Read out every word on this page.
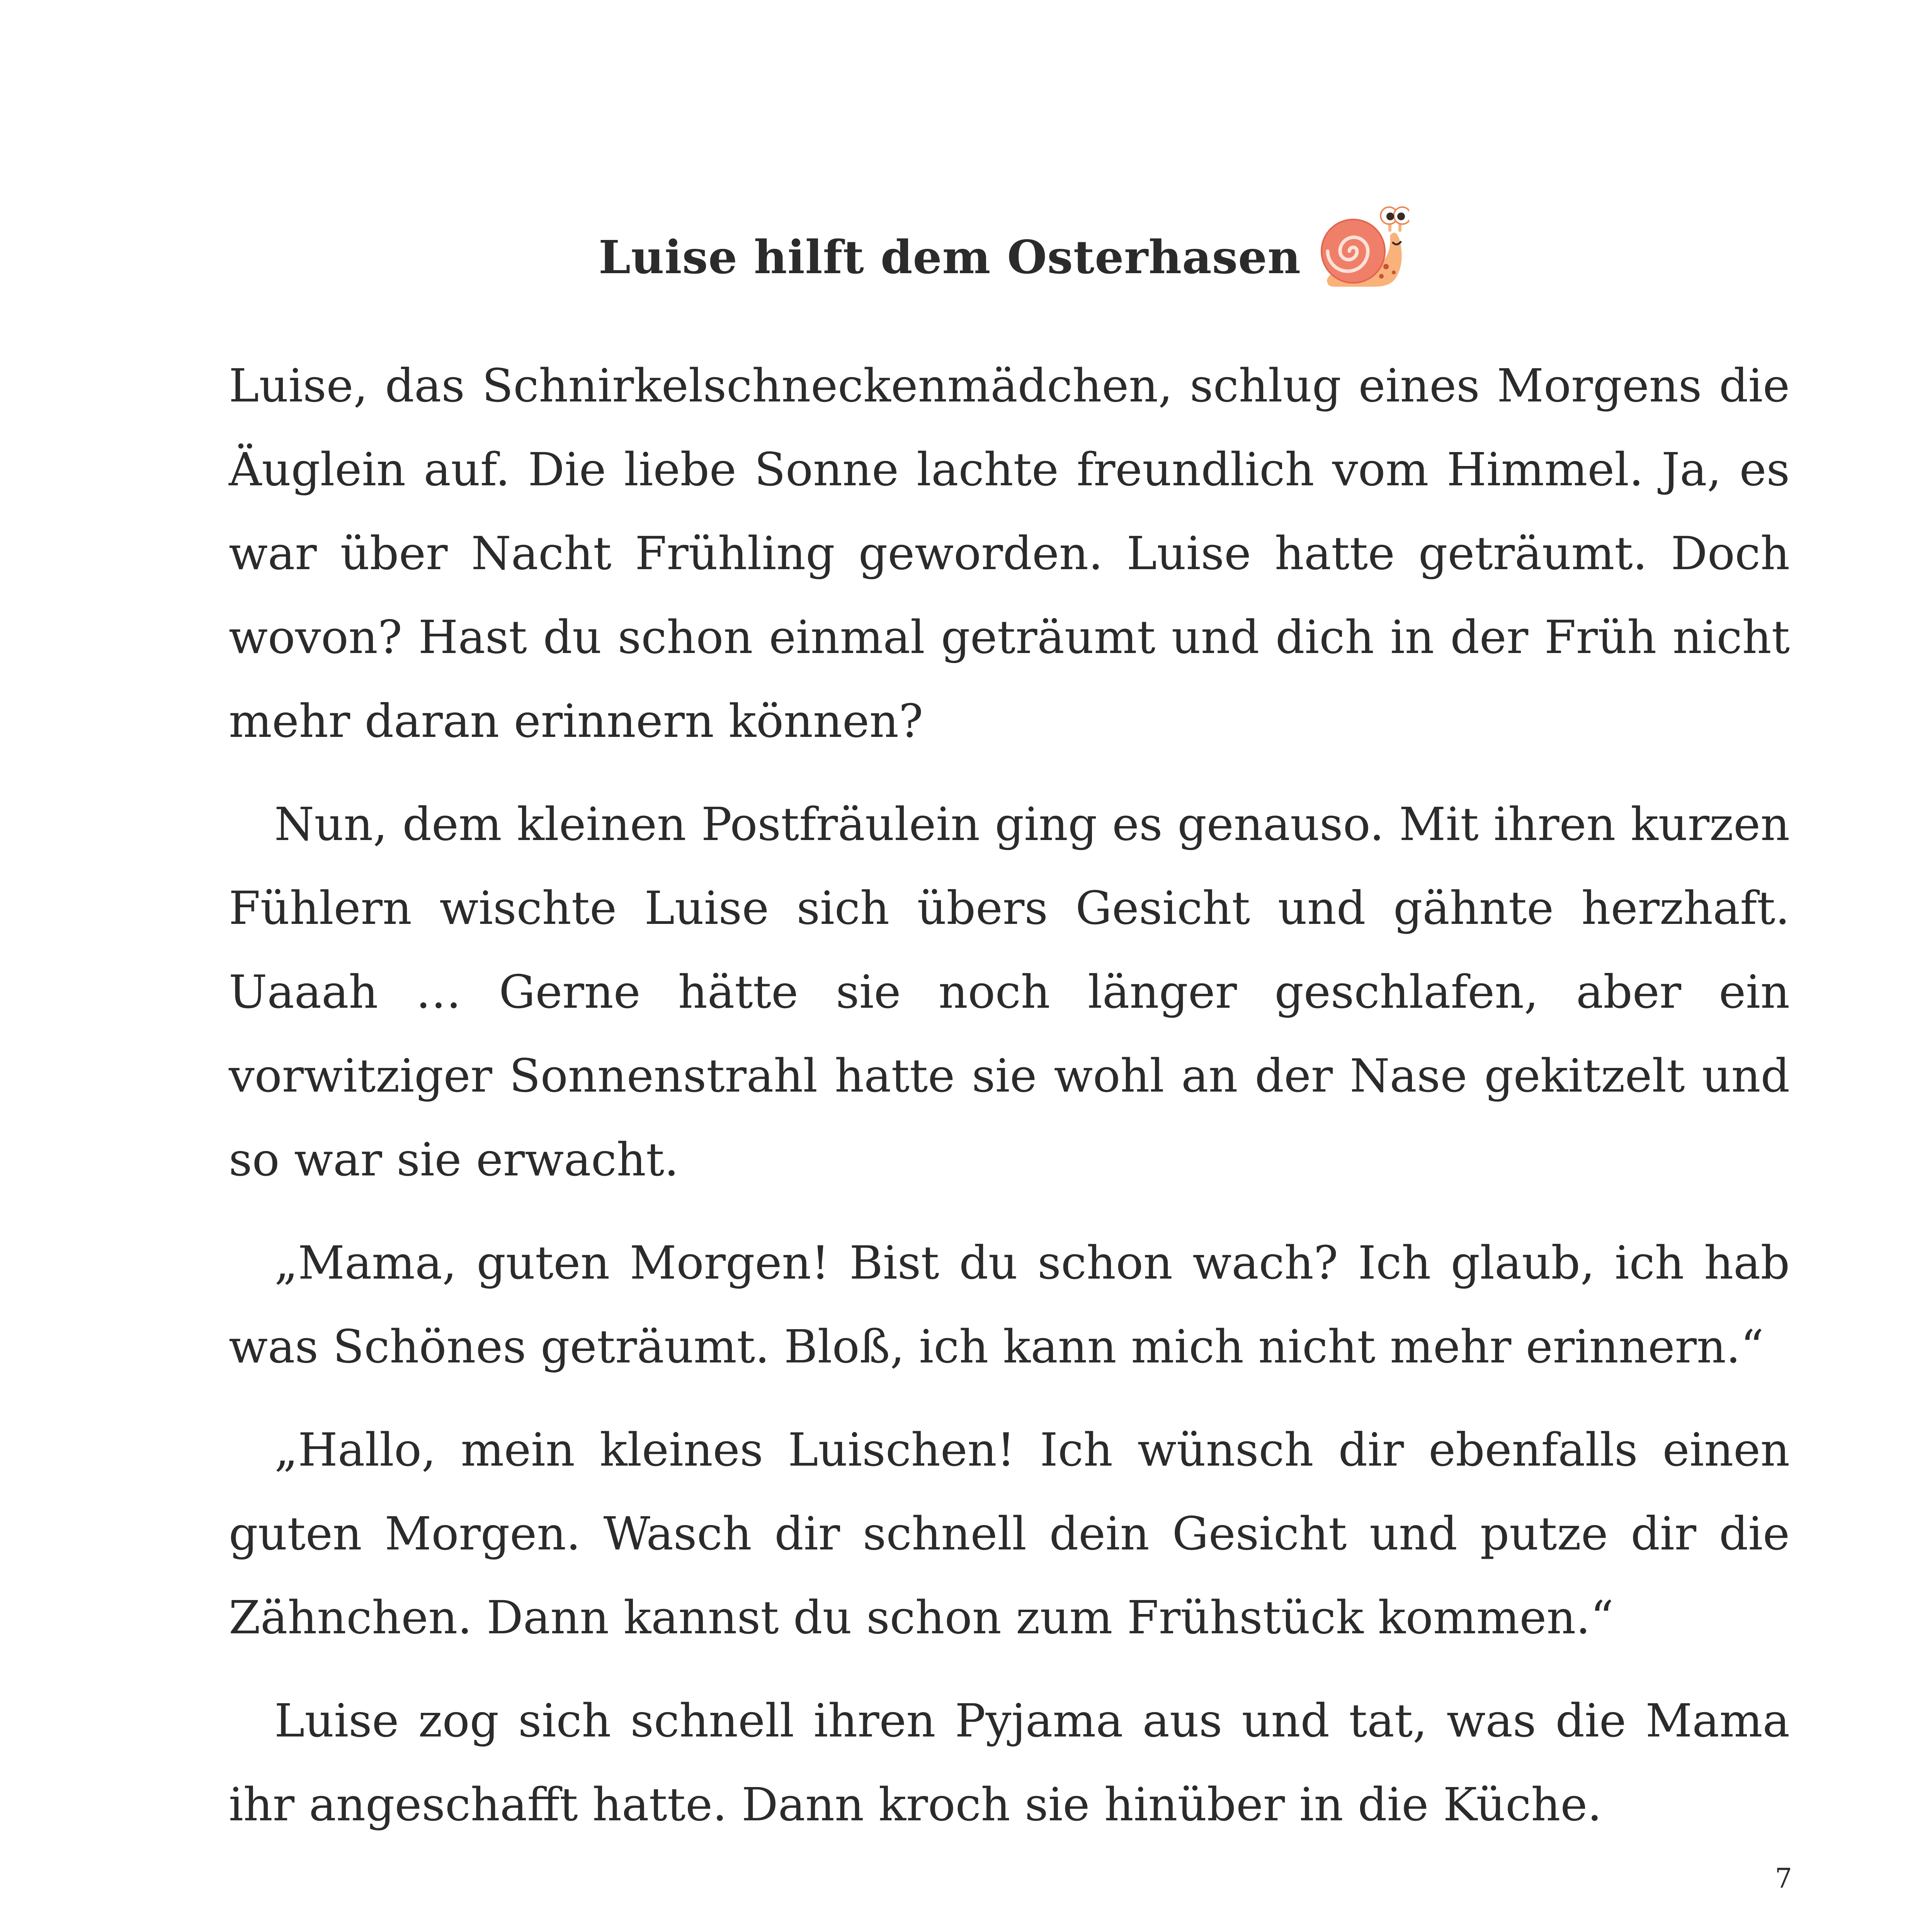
Luise hilft dem Osterhasen

Luise, das Schnirkelschneckenmädchen, schlug eines Morgens die Äuglein auf. Die liebe Sonne lachte freundlich vom Himmel. Ja, es war über Nacht Frühling geworden. Luise hatte geträumt. Doch wovon? Hast du schon einmal geträumt und dich in der Früh nicht mehr daran erinnern können?

Nun, dem kleinen Postfräulein ging es genauso. Mit ihren kurzen Fühlern wischte Luise sich übers Gesicht und gähnte herzhaft. Uaaah … Gerne hätte sie noch länger geschlafen, aber ein vorwitziger Sonnenstrahl hatte sie wohl an der Nase gekitzelt und so war sie erwacht.

„Mama, guten Morgen! Bist du schon wach? Ich glaub, ich hab was Schönes geträumt. Bloß, ich kann mich nicht mehr erinnern.“

„Hallo, mein kleines Luischen! Ich wünsch dir ebenfalls einen guten Morgen. Wasch dir schnell dein Gesicht und putze dir die Zähnchen. Dann kannst du schon zum Frühstück kommen.“

Luise zog sich schnell ihren Pyjama aus und tat, was die Mama ihr angeschafft hatte. Dann kroch sie hinüber in die Küche.

7
